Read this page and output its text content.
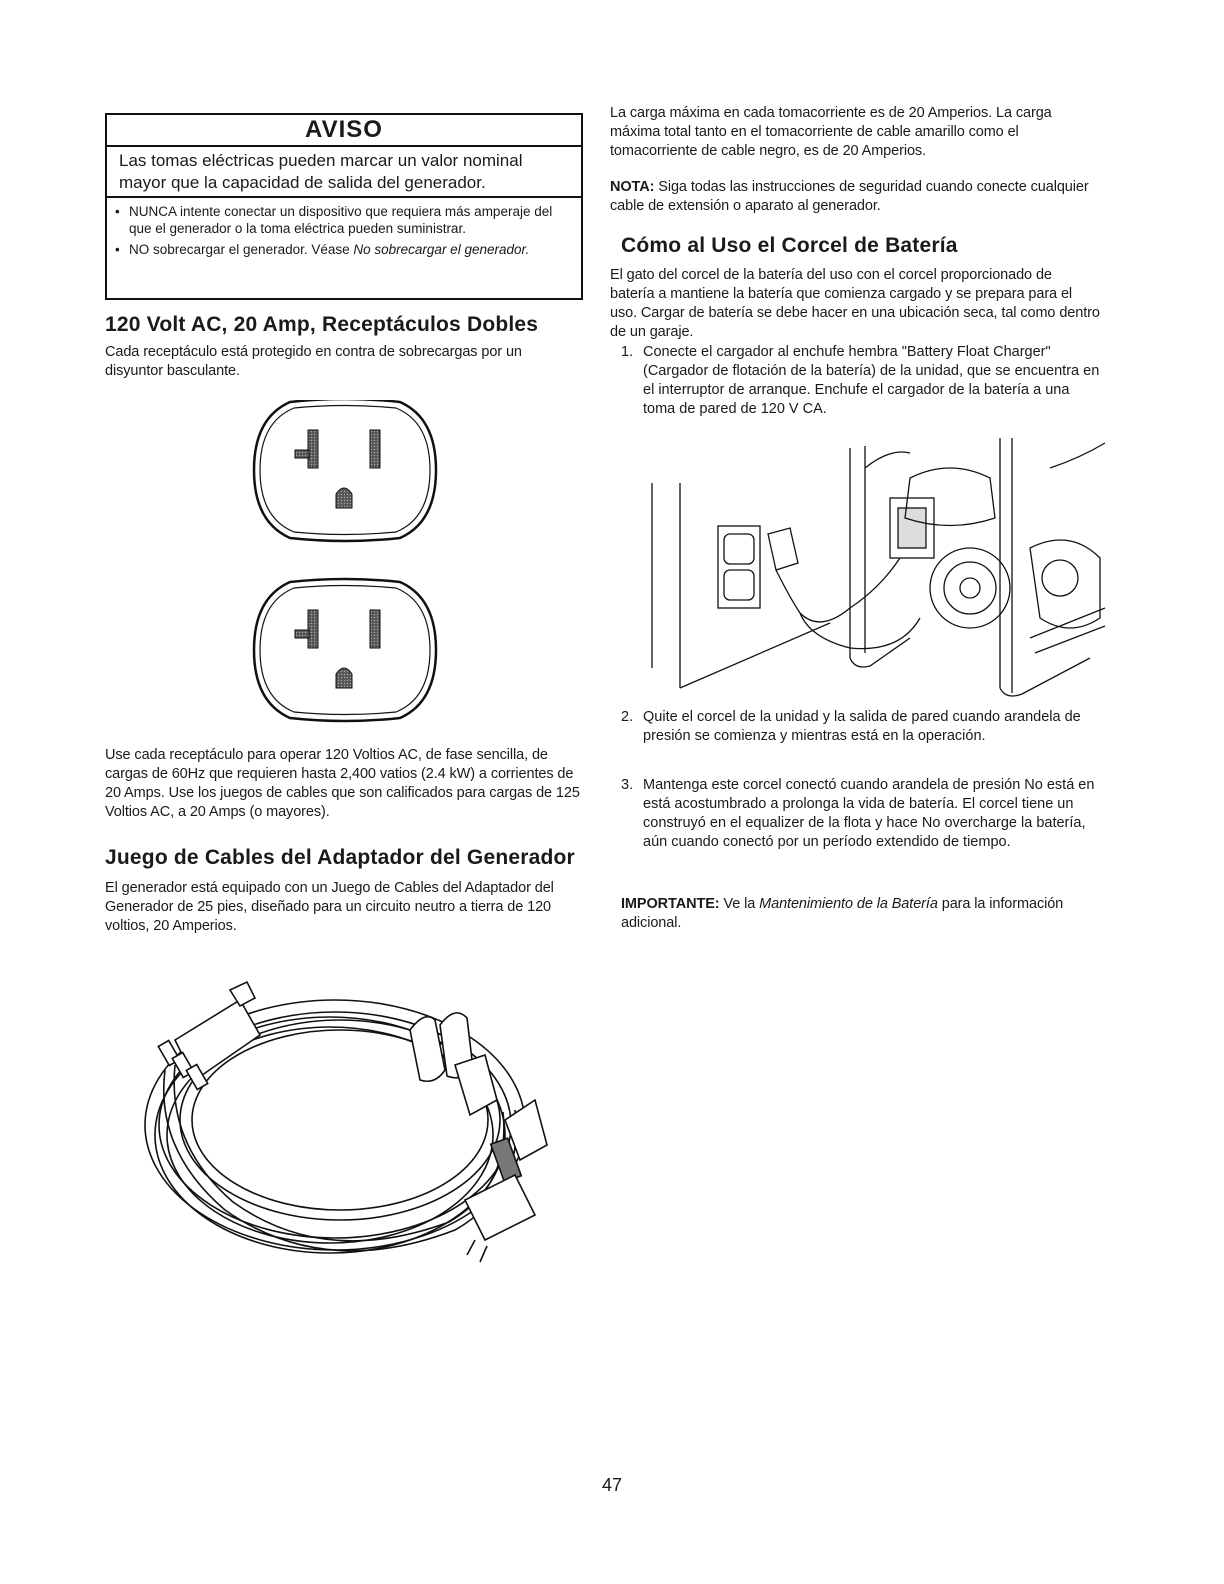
AVISO
Las tomas eléctricas pueden marcar un valor nominal mayor que la capacidad de salida del generador.
• NUNCA intente conectar un dispositivo que requiera más amperaje del que el generador o la toma eléctrica pueden suministrar.
• NO sobrecargar el generador. Véase No sobrecargar el generador.
120 Volt AC, 20 Amp, Receptáculos Dobles

Cada receptáculo está protegido en contra de sobrecargas por un disyuntor basculante.

Use cada receptáculo para operar 120 Voltios AC, de fase sencilla, de cargas de 60Hz que requieren hasta 2,400 vatios (2.4 kW) a corrientes de 20 Amps. Use los juegos de cables que son calificados para cargas de 125 Voltios AC, a 20 Amps (o mayores).

Juego de Cables del Adaptador del Generador

El generador está equipado con un Juego de Cables del Adaptador del Generador de 25 pies, diseñado para un circuito neutro a tierra de 120 voltios, 20 Amperios.

La carga máxima en cada tomacorriente es de 20 Amperios. La carga máxima total tanto en el tomacorriente de cable amarillo como el tomacorriente de cable negro, es de 20 Amperios.

NOTA: Siga todas las instrucciones de seguridad cuando conecte cualquier cable de extensión o aparato al generador.

Cómo al Uso el Corcel de Batería

El gato del corcel de la batería del uso con el corcel proporcionado de batería a mantiene la batería que comienza cargado y se prepara para el uso. Cargar de batería se debe hacer en una ubicación seca, tal como dentro de un garaje.

1. Conecte el cargador al enchufe hembra "Battery Float Charger" (Cargador de flotación de la batería) de la unidad, que se encuentra en el interruptor de arranque. Enchufe el cargador de la batería a una toma de pared de 120 V CA.
2. Quite el corcel de la unidad y la salida de pared cuando arandela de presión se comienza y mientras está en la operación.
3. Mantenga este corcel conectó cuando arandela de presión No está en está acostumbrado a prolonga la vida de batería. El corcel tiene un construyó en el equalizer de la flota y hace No overcharge la batería, aún cuando conectó por un período extendido de tiempo.

IMPORTANTE: Ve la Mantenimiento de la Batería para la información adicional.

47
